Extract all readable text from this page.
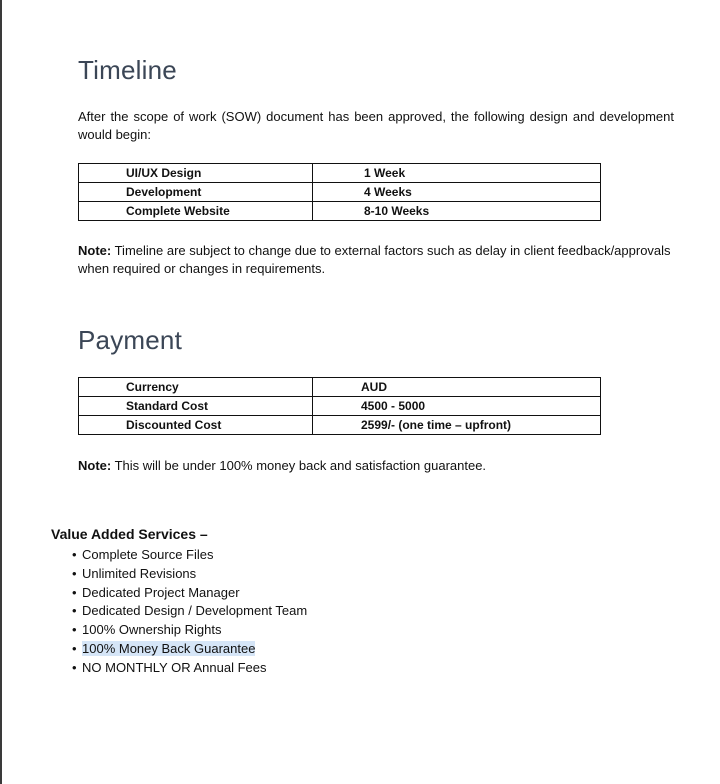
Timeline

After the scope of work (SOW) document has been approved, the following design and development would begin:

UI/UX Design	1 Week
Development	4 Weeks
Complete Website	8-10 Weeks

Note: Timeline are subject to change due to external factors such as delay in client feedback/approvals when required or changes in requirements.

Payment
Currency	AUD
Standard Cost	4500 - 5000
Discounted Cost	2599/- (one time – upfront)

Note: This will be under 100% money back and satisfaction guarantee.

Value Added Services –

• Complete Source Files
• Unlimited Revisions
• Dedicated Project Manager
• Dedicated Design / Development Team
• 100% Ownership Rights
• 100% Money Back Guarantee
• NO MONTHLY OR Annual Fees
